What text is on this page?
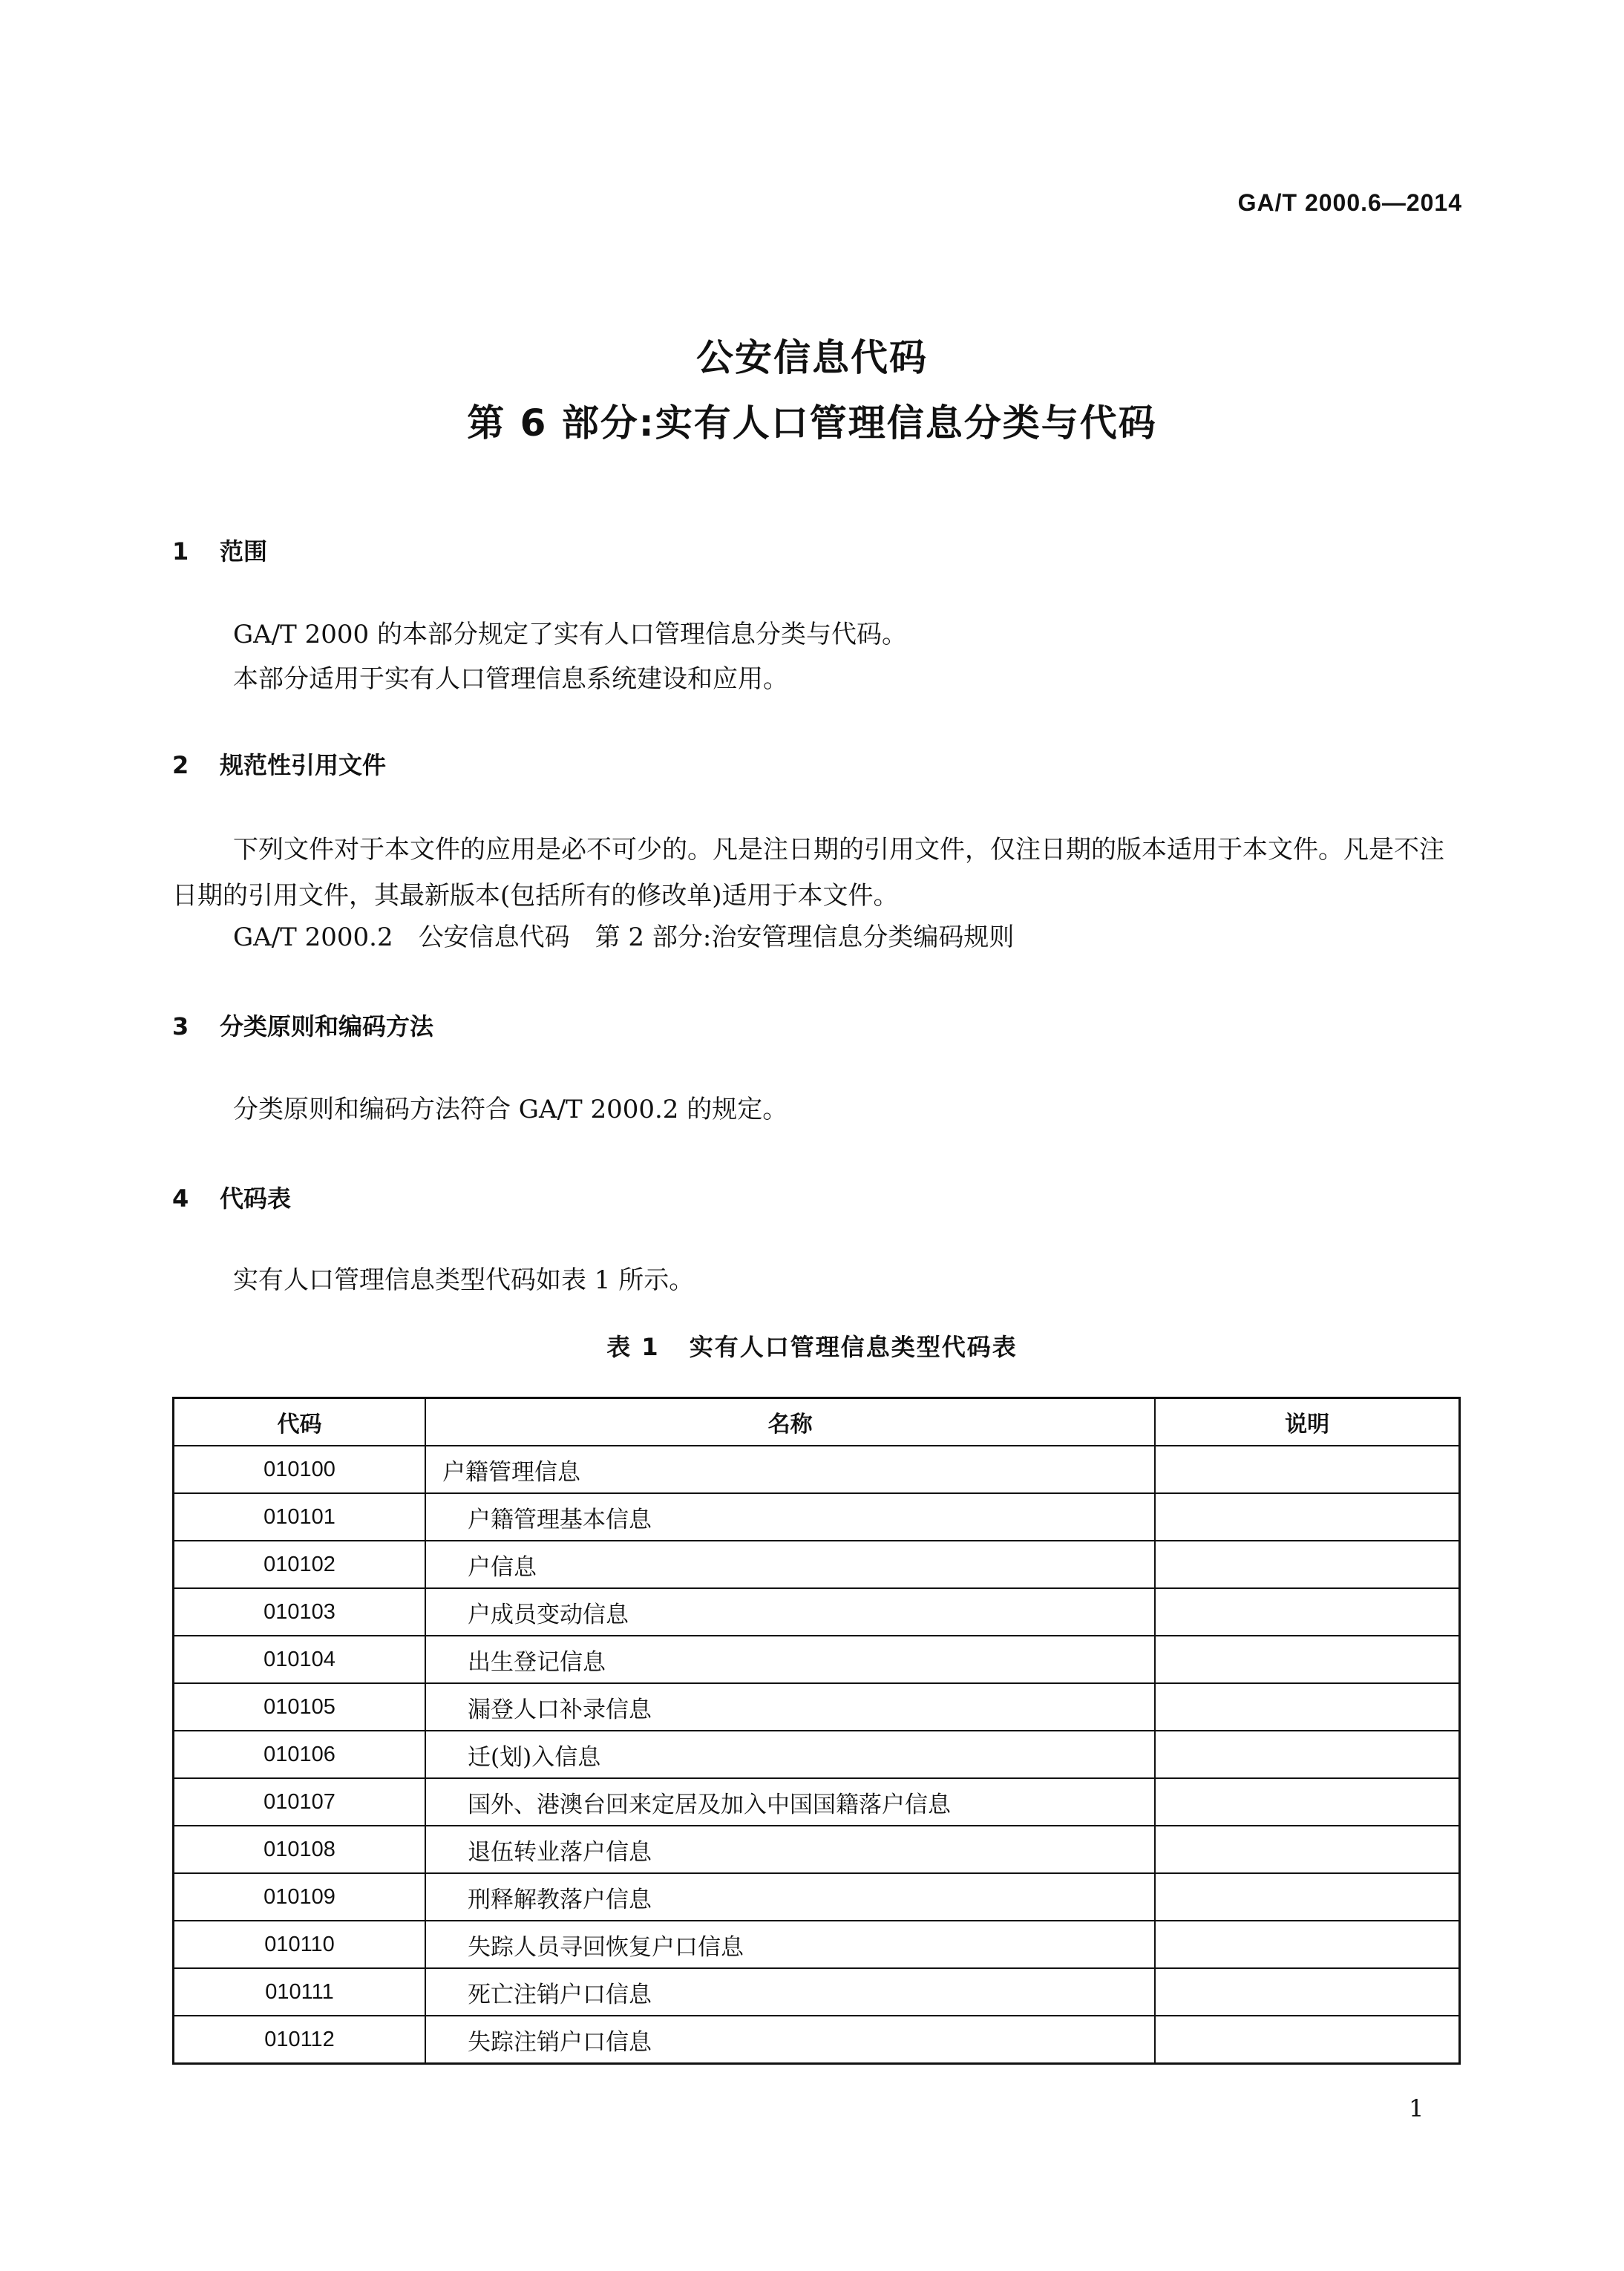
GA/T 2000.6—2014
公安信息代码
第 6 部分:实有人口管理信息分类与代码
1 范围

GA/T 2000 的本部分规定了实有人口管理信息分类与代码。

本部分适用于实有人口管理信息系统建设和应用。

2 规范性引用文件

下列文件对于本文件的应用是必不可少的。凡是注日期的引用文件，仅注日期的版本适用于本文件。凡是不注日期的引用文件，其最新版本(包括所有的修改单)适用于本文件。

GA/T 2000.2　公安信息代码　第 2 部分:治安管理信息分类编码规则

3 分类原则和编码方法

分类原则和编码方法符合 GA/T 2000.2 的规定。

4 代码表

实有人口管理信息类型代码如表 1 所示。

表 1 实有人口管理信息类型代码表
代码	名称	说明
010100	户籍管理信息	
010101	户籍管理基本信息	
010102	户信息	
010103	户成员变动信息	
010104	出生登记信息	
010105	漏登人口补录信息	
010106	迁(划)入信息	
010107	国外、港澳台回来定居及加入中国国籍落户信息	
010108	退伍转业落户信息	
010109	刑释解教落户信息	
010110	失踪人员寻回恢复户口信息	
010111	死亡注销户口信息	
010112	失踪注销户口信息	
1
